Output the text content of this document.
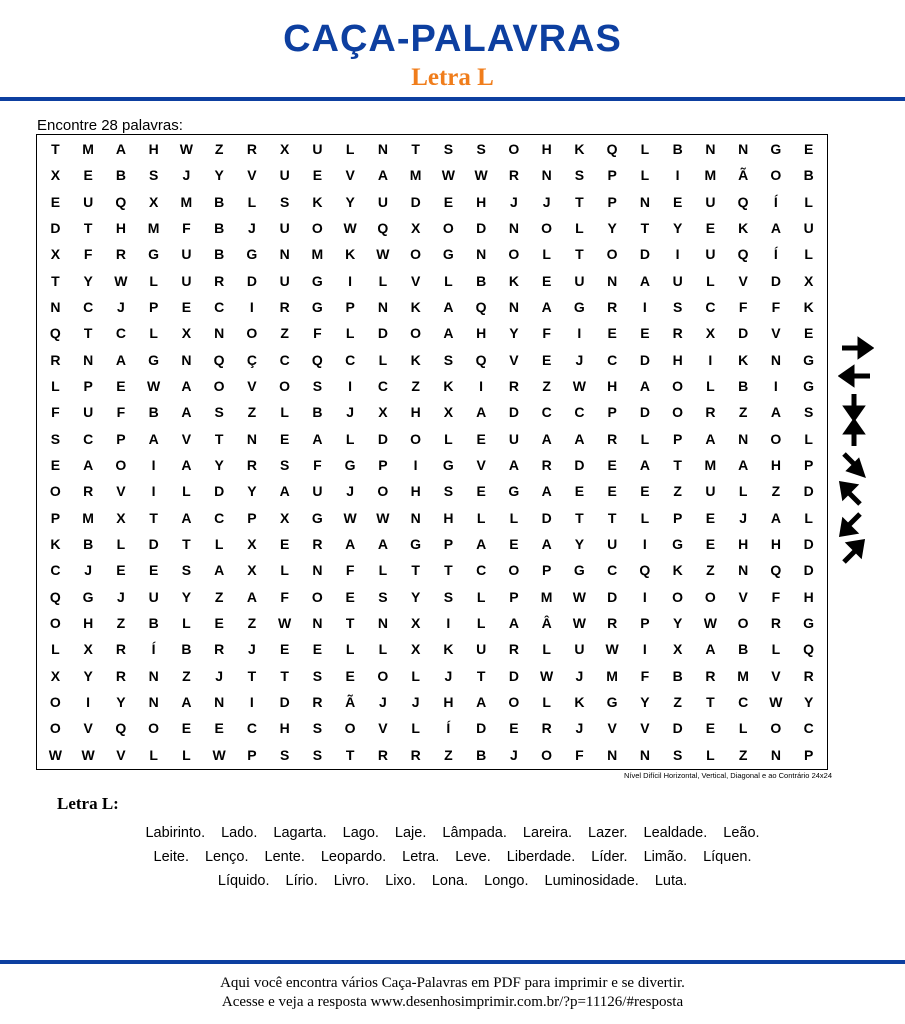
CAÇA-PALAVRAS
Letra L
Encontre 28 palavras:
T	M	A	H	W	Z	R	X	U	L	N	T	S	S	O	H	K	Q	L	B	N	N	G	E
X	E	B	S	J	Y	V	U	E	V	A	M	W	W	R	N	S	P	L	I	M	Ã	O	B
E	U	Q	X	M	B	L	S	K	Y	U	D	E	H	J	J	T	P	N	E	U	Q	Í	L
D	T	H	M	F	B	J	U	O	W	Q	X	O	D	N	O	L	Y	T	Y	E	K	A	U
X	F	R	G	U	B	G	N	M	K	W	O	G	N	O	L	T	O	D	I	U	Q	Í	L
T	Y	W	L	U	R	D	U	G	I	L	V	L	B	K	E	U	N	A	U	L	V	D	X
N	C	J	P	E	C	I	R	G	P	N	K	A	Q	N	A	G	R	I	S	C	F	F	K
Q	T	C	L	X	N	O	Z	F	L	D	O	A	H	Y	F	I	E	E	R	X	D	V	E
R	N	A	G	N	Q	Ç	C	Q	C	L	K	S	Q	V	E	J	C	D	H	I	K	N	G
L	P	E	W	A	O	V	O	S	I	C	Z	K	I	R	Z	W	H	A	O	L	B	I	G
F	U	F	B	A	S	Z	L	B	J	X	H	X	A	D	C	C	P	D	O	R	Z	A	S
S	C	P	A	V	T	N	E	A	L	D	O	L	E	U	A	A	R	L	P	A	N	O	L
E	A	O	I	A	Y	R	S	F	G	P	I	G	V	A	R	D	E	A	T	M	A	H	P
O	R	V	I	L	D	Y	A	U	J	O	H	S	E	G	A	E	E	E	Z	U	L	Z	D
P	M	X	T	A	C	P	X	G	W	W	N	H	L	L	D	T	T	L	P	E	J	A	L
K	B	L	D	T	L	X	E	R	A	A	G	P	A	E	A	Y	U	I	G	E	H	H	D
C	J	E	E	S	A	X	L	N	F	L	T	T	C	O	P	G	C	Q	K	Z	N	Q	D
Q	G	J	U	Y	Z	A	F	O	E	S	Y	S	L	P	M	W	D	I	O	O	V	F	H
O	H	Z	B	L	E	Z	W	N	T	N	X	I	L	A	Â	W	R	P	Y	W	O	R	G
L	X	R	Í	B	R	J	E	E	L	L	X	K	U	R	L	U	W	I	X	A	B	L	Q
X	Y	R	N	Z	J	T	T	S	E	O	L	J	T	D	W	J	M	F	B	R	M	V	R
O	I	Y	N	A	N	I	D	R	Ã	J	J	H	A	O	L	K	G	Y	Z	T	C	W	Y
O	V	Q	O	E	E	C	H	S	O	V	L	Í	D	E	R	J	V	V	D	E	L	O	C
W	W	V	L	L	W	P	S	S	T	R	R	Z	B	J	O	F	N	N	S	L	Z	N	P
Nível Difícil Horizontal, Vertical, Diagonal e ao Contrário 24x24
Letra L:
Labirinto. Lado. Lagarta. Lago. Laje. Lâmpada. Lareira. Lazer. Lealdade. Leão.
Leite. Lenço. Lente. Leopardo. Letra. Leve. Liberdade. Líder. Limão. Líquen.
Líquido. Lírio. Livro. Lixo. Lona. Longo. Luminosidade. Luta.
Aqui você encontra vários Caça-Palavras em PDF para imprimir e se divertir.
Acesse e veja a resposta www.desenhosimprimir.com.br/?p=11126/#resposta
